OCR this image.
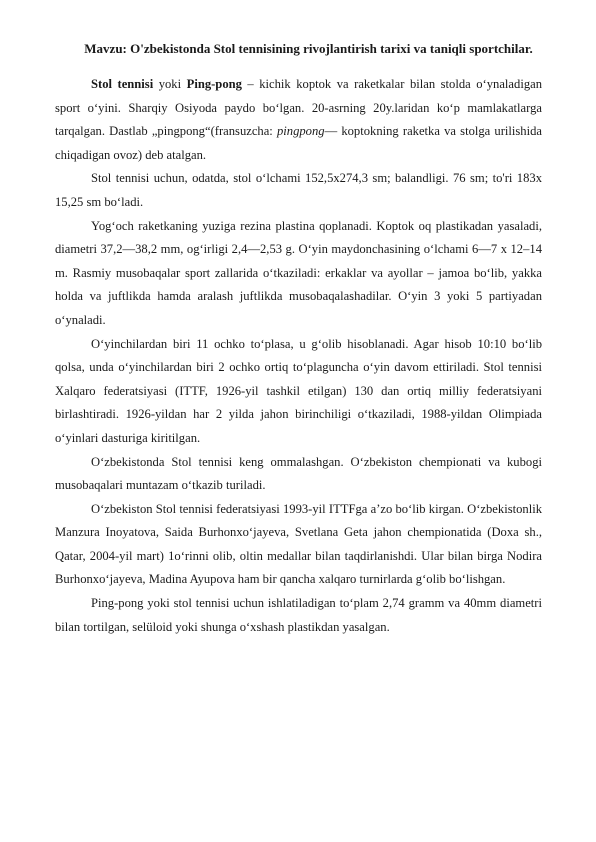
Mavzu: O'zbekistonda Stol tennisining rivojlantirish tarixi va taniqli sportchilar.

Stol tennisi yoki Ping-pong – kichik koptok va raketkalar bilan stolda oʻynaladigan sport oʻyini. Sharqiy Osiyoda paydo boʻlgan. 20-asrning 20y.laridan koʻp mamlakatlarga tarqalgan. Dastlab „pingpong“(fransuzcha: pingpong— koptokning raketka va stolga urilishida chiqadigan ovoz) deb atalgan.

Stol tennisi uchun, odatda, stol oʻlchami 152,5x274,3 sm; balandligi. 76 sm; to'ri 183x 15,25 sm boʻladi.

Yogʻoch raketkaning yuziga rezina plastina qoplanadi. Koptok oq plastikadan yasaladi, diametri 37,2—38,2 mm, ogʻirligi 2,4—2,53 g. Oʻyin maydonchasining oʻlchami 6—7 x 12–14 m. Rasmiy musobaqalar sport zallarida oʻtkaziladi: erkaklar va ayollar – jamoa boʻlib, yakka holda va juftlikda hamda aralash juftlikda musobaqalashadilar. Oʻyin 3 yoki 5 partiyadan oʻynaladi.

Oʻyinchilardan biri 11 ochko toʻplasa, u gʻolib hisoblanadi. Agar hisob 10:10 boʻlib qolsa, unda oʻyinchilardan biri 2 ochko ortiq toʻplaguncha oʻyin davom ettiriladi. Stol tennisi Xalqaro federatsiyasi (ITTF, 1926-yil tashkil etilgan) 130 dan ortiq milliy federatsiyani birlashtiradi. 1926-yildan har 2 yilda jahon birinchiligi oʻtkaziladi, 1988-yildan Olimpiada oʻyinlari dasturiga kiritilgan.

Oʻzbekistonda Stol tennisi keng ommalashgan. Oʻzbekiston chempionati va kubogi musobaqalari muntazam oʻtkazib turiladi.

Oʻzbekiston Stol tennisi federatsiyasi 1993-yil ITTFga aʼzo boʻlib kirgan. Oʻzbekistonlik Manzura Inoyatova, Saida Burhonxoʻjayeva, Svetlana Geta jahon chempionatida (Doxa sh., Qatar, 2004-yil mart) 1oʻrinni olib, oltin medallar bilan taqdirlanishdi. Ular bilan birga Nodira Burhonxoʻjayeva, Madina Ayupova ham bir qancha xalqaro turnirlarda gʻolib boʻlishgan.

Ping-pong yoki stol tennisi uchun ishlatiladigan toʻplam 2,74 gramm va 40mm diametri bilan tortilgan, selüloid yoki shunga oʻxshash plastikdan yasalgan.
